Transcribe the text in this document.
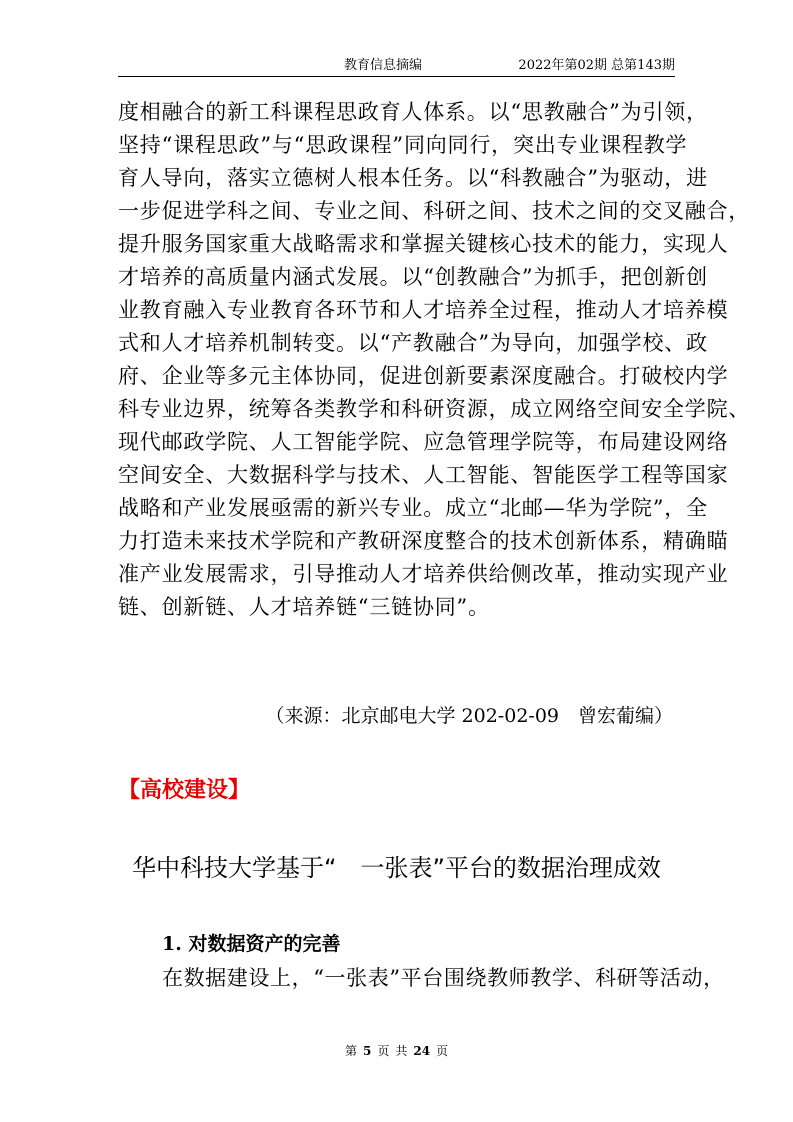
教育信息摘编	2022年第02期 总第143期
度相融合的新工科课程思政育人体系。以“思教融合”为引领，
坚持“课程思政”与“思政课程”同向同行，突出专业课程教学
育人导向，落实立德树人根本任务。以“科教融合”为驱动，进
一步促进学科之间、专业之间、科研之间、技术之间的交叉融合，
提升服务国家重大战略需求和掌握关键核心技术的能力，实现人
才培养的高质量内涵式发展。以“创教融合”为抓手，把创新创
业教育融入专业教育各环节和人才培养全过程，推动人才培养模
式和人才培养机制转变。以“产教融合”为导向，加强学校、政
府、企业等多元主体协同，促进创新要素深度融合。打破校内学
科专业边界，统筹各类教学和科研资源，成立网络空间安全学院、
现代邮政学院、人工智能学院、应急管理学院等，布局建设网络
空间安全、大数据科学与技术、人工智能、智能医学工程等国家
战略和产业发展亟需的新兴专业。成立“北邮—华为学院”，全
力打造未来技术学院和产教研深度整合的技术创新体系，精确瞄
准产业发展需求，引导推动人才培养供给侧改革，推动实现产业
链、创新链、人才培养链“三链协同”。
（来源：北京邮电大学 202-02-09　曾宏葡编）
【高校建设】
华中科技大学基于“　一张表”平台的数据治理成效
1. 对数据资产的完善
在数据建设上，“一张表”平台围绕教师教学、科研等活动，
第 5 页 共 24 页
